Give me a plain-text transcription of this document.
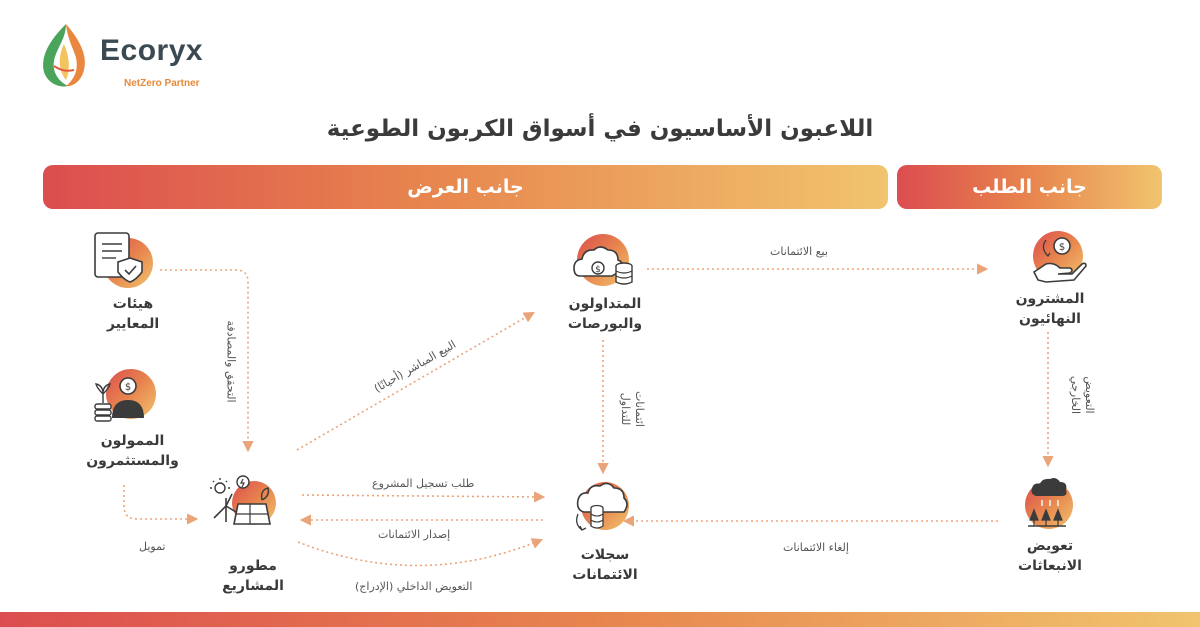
Ecoryx
NetZero Partner
اللاعبون الأساسيون في أسواق الكربون الطوعية
جانب العرض	جانب الطلب
$
$
$
هيئات
المعايير
الممولون
والمستثمرون
مطورو
المشاريع
المتداولون
والبورصات
سجلات
الائتمانات
المشترون
النهائيون
تعويض
الانبعاثات
التحقق والمصادقة
تمويل
البيع المباشر (أحيانًا)
بيع الائتمانات
ائتمانات
للتداول	التعويض
الخارجي
طلب تسجيل المشروع
إصدار الائتمانات
التعويض الداخلي (الإدراج)
إلغاء الائتمانات
